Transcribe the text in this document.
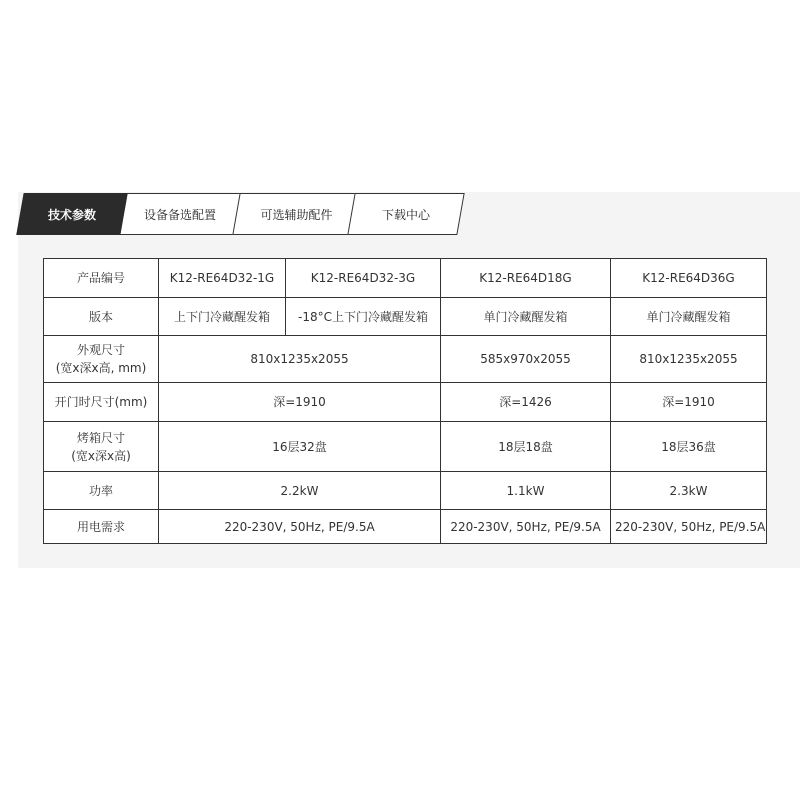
技术参数	设备备选配置	可选辅助配件	下载中心
产品编号	K12-RE64D32-1G	K12-RE64D32-3G	K12-RE64D18G	K12-RE64D36G
版本	上下门冷藏醒发箱	-18°C上下门冷藏醒发箱	单门冷藏醒发箱	单门冷藏醒发箱
外观尺寸
(宽x深x高, mm)	810x1235x2055		585x970x2055	810x1235x2055
开门时尺寸(mm)	深=1910		深=1426	深=1910
烤箱尺寸
(宽x深x高)	16层32盘		18层18盘	18层36盘
功率	2.2kW		1.1kW	2.3kW
用电需求	220-230V, 50Hz, PE/9.5A		220-230V, 50Hz, PE/9.5A	220-230V, 50Hz, PE/9.5A
